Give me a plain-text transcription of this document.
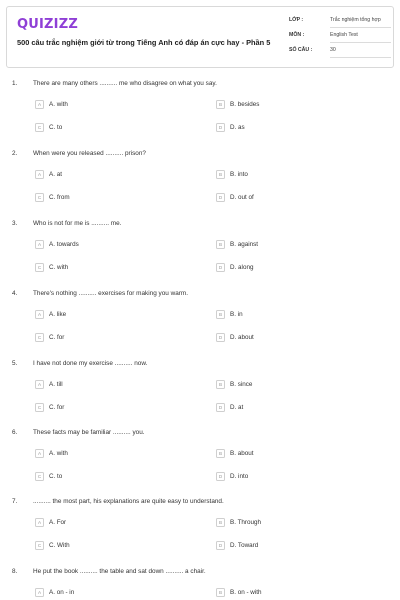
QUIZIZZ
500 câu trắc nghiệm giới từ trong Tiếng Anh có đáp án cực hay - Phần 5
LỚP :	Trắc nghiệm tổng hợp
MÔN :	English Test
SỐ CÂU :	30
1. There are many others .......... me who disagree on what you say.
A	A. with	B	B. besides
C	C. to	D	D. as
2. When were you released .......... prison?
A	A. at	B	B. into
C	C. from	D	D. out of
3. Who is not for me is .......... me.
A	A. towards	B	B. against
C	C. with	D	D. along
4. There's nothing .......... exercises for making you warm.
A	A. like	B	B. in
C	C. for	D	D. about
5. I have not done my exercise .......... now.
A	A. till	B	B. since
C	C. for	D	D. at
6. These facts may be familiar .......... you.
A	A. with	B	B. about
C	C. to	D	D. into
7. .......... the most part, his explanations are quite easy to understand.
A	A. For	B	B. Through
C	C. With	D	D. Toward
8. He put the book .......... the table and sat down .......... a chair.
A	A. on - in	B	B. on - with
